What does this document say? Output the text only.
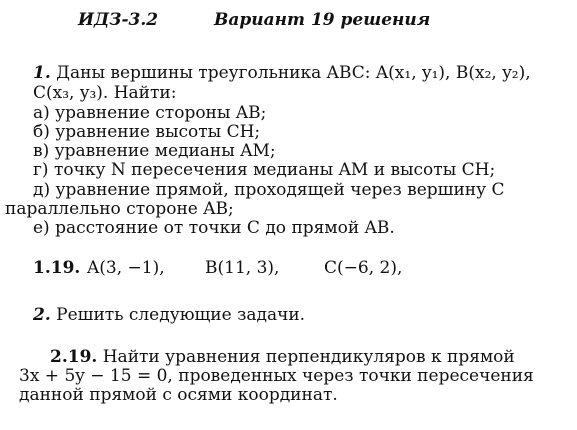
ИДЗ-3.2	Вариант 19 решения
1. Даны вершины треугольника ABC: A(x₁, y₁), B(x₂, y₂),
C(x₃, y₃). Найти:
а) уравнение стороны AB;
б) уравнение высоты CH;
в) уравнение медианы AM;
г) точку N пересечения медианы AM и высоты CH;
д) уравнение прямой, проходящей через вершину C
параллельно стороне AB;
е) расстояние от точки C до прямой AB.
1.19. A(3, −1), B(11, 3),	C(−6, 2),
2. Решить следующие задачи.
2.19. Найти уравнения перпендикуляров к прямой
3x + 5y − 15 = 0, проведенных через точки пересечения
данной прямой с осями координат.
